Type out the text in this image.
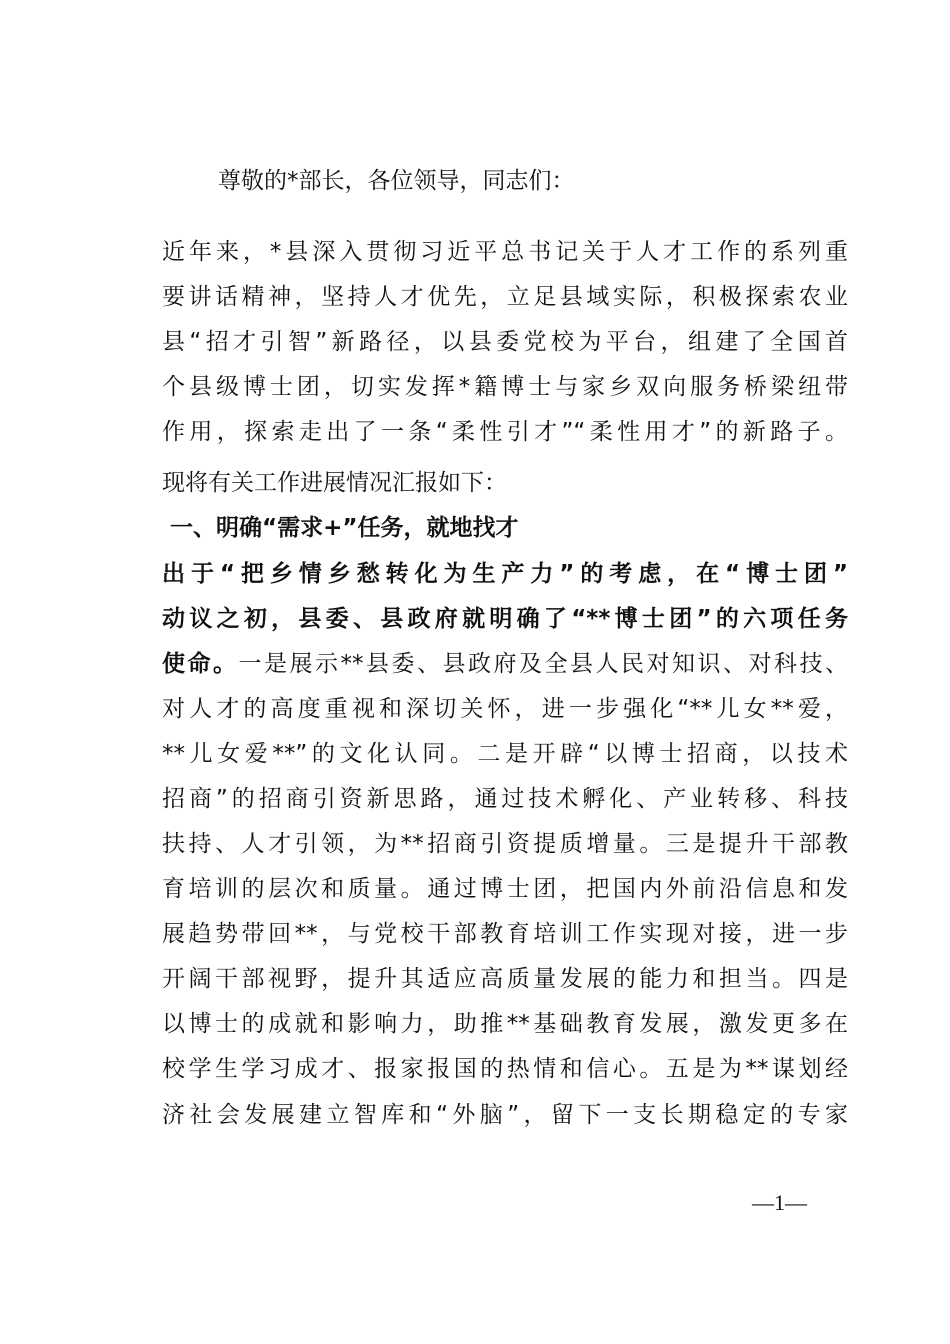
尊敬的*部长，各位领导，同志们：
近年来，*县深入贯彻习近平总书记关于人才工作的系列重
要讲话精神，坚持人才优先，立足县域实际，积极探索农业
县“招才引智”新路径，以县委党校为平台，组建了全国首
个县级博士团，切实发挥*籍博士与家乡双向服务桥梁纽带
作用，探索走出了一条“柔性引才”“柔性用才”的新路子。
现将有关工作进展情况汇报如下：
一、明确“需求+”任务，就地找才
出于“把乡情乡愁转化为生产力”的考虑，在“博士团”
动议之初，县委、县政府就明确了“**博士团”的六项任务
使命。一是展示**县委、县政府及全县人民对知识、对科技、
对人才的高度重视和深切关怀，进一步强化“**儿女**爱，
**儿女爱**”的文化认同。二是开辟“以博士招商，以技术
招商”的招商引资新思路，通过技术孵化、产业转移、科技
扶持、人才引领，为**招商引资提质增量。三是提升干部教
育培训的层次和质量。通过博士团，把国内外前沿信息和发
展趋势带回**，与党校干部教育培训工作实现对接，进一步
开阔干部视野，提升其适应高质量发展的能力和担当。四是
以博士的成就和影响力，助推**基础教育发展，激发更多在
校学生学习成才、报家报国的热情和信心。五是为**谋划经
济社会发展建立智库和“外脑”，留下一支长期稳定的专家
—1—
